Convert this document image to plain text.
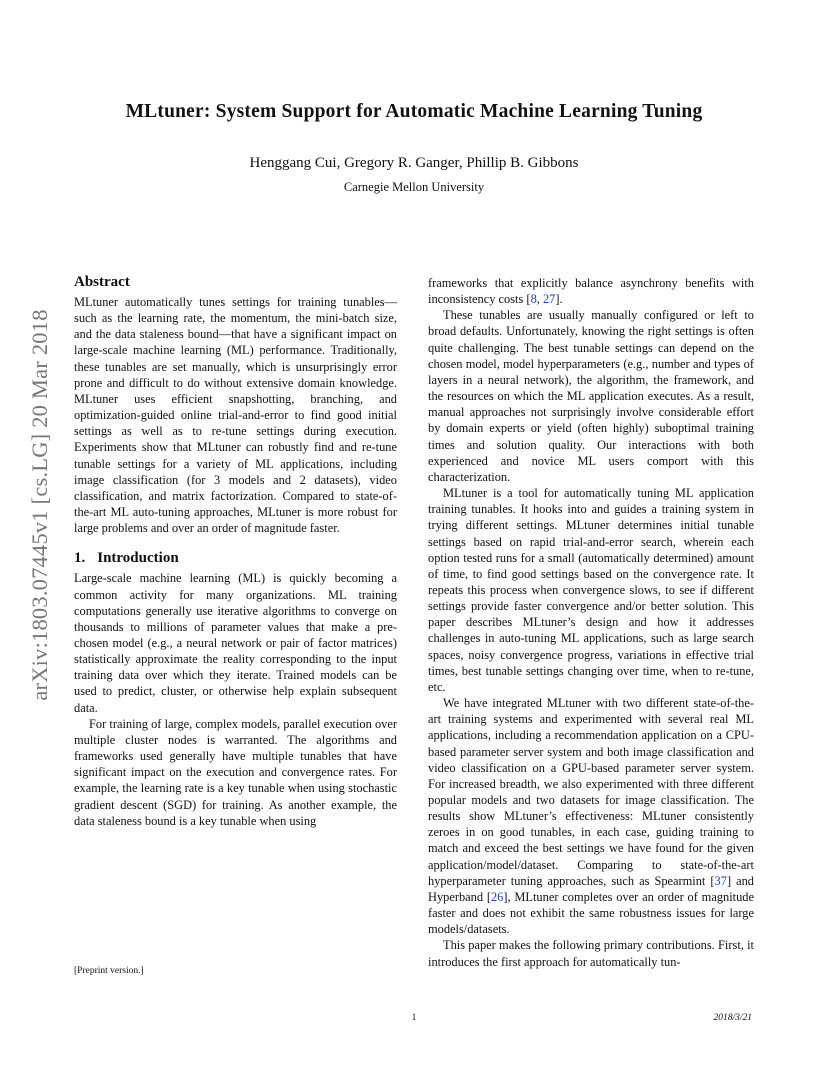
arXiv:1803.07445v1 [cs.LG] 20 Mar 2018
MLtuner: System Support for Automatic Machine Learning Tuning
Henggang Cui, Gregory R. Ganger, Phillip B. Gibbons
Carnegie Mellon University
Abstract

MLtuner automatically tunes settings for training tunables—such as the learning rate, the momentum, the mini-batch size, and the data staleness bound—that have a significant impact on large-scale machine learning (ML) performance. Traditionally, these tunables are set manually, which is unsurprisingly error prone and difficult to do without extensive domain knowledge. MLtuner uses efficient snapshotting, branching, and optimization-guided online trial-and-error to find good initial settings as well as to re-tune settings during execution. Experiments show that MLtuner can robustly find and re-tune tunable settings for a variety of ML applications, including image classification (for 3 models and 2 datasets), video classification, and matrix factorization. Compared to state-of-the-art ML auto-tuning approaches, MLtuner is more robust for large problems and over an order of magnitude faster.

1. Introduction

Large-scale machine learning (ML) is quickly becoming a common activity for many organizations. ML training computations generally use iterative algorithms to converge on thousands to millions of parameter values that make a pre-chosen model (e.g., a neural network or pair of factor matrices) statistically approximate the reality corresponding to the input training data over which they iterate. Trained models can be used to predict, cluster, or otherwise help explain subsequent data.

For training of large, complex models, parallel execution over multiple cluster nodes is warranted. The algorithms and frameworks used generally have multiple tunables that have significant impact on the execution and convergence rates. For example, the learning rate is a key tunable when using stochastic gradient descent (SGD) for training. As another example, the data staleness bound is a key tunable when using

frameworks that explicitly balance asynchrony benefits with inconsistency costs [8, 27].

These tunables are usually manually configured or left to broad defaults. Unfortunately, knowing the right settings is often quite challenging. The best tunable settings can depend on the chosen model, model hyperparameters (e.g., number and types of layers in a neural network), the algorithm, the framework, and the resources on which the ML application executes. As a result, manual approaches not surprisingly involve considerable effort by domain experts or yield (often highly) suboptimal training times and solution quality. Our interactions with both experienced and novice ML users comport with this characterization.

MLtuner is a tool for automatically tuning ML application training tunables. It hooks into and guides a training system in trying different settings. MLtuner determines initial tunable settings based on rapid trial-and-error search, wherein each option tested runs for a small (automatically determined) amount of time, to find good settings based on the convergence rate. It repeats this process when convergence slows, to see if different settings provide faster convergence and/or better solution. This paper describes MLtuner’s design and how it addresses challenges in auto-tuning ML applications, such as large search spaces, noisy convergence progress, variations in effective trial times, best tunable settings changing over time, when to re-tune, etc.

We have integrated MLtuner with two different state-of-the-art training systems and experimented with several real ML applications, including a recommendation application on a CPU-based parameter server system and both image classification and video classification on a GPU-based parameter server system. For increased breadth, we also experimented with three different popular models and two datasets for image classification. The results show MLtuner’s effectiveness: MLtuner consistently zeroes in on good tunables, in each case, guiding training to match and exceed the best settings we have found for the given application/model/dataset. Comparing to state-of-the-art hyperparameter tuning approaches, such as Spearmint [37] and Hyperband [26], MLtuner completes over an order of magnitude faster and does not exhibit the same robustness issues for large models/datasets.

This paper makes the following primary contributions. First, it introduces the first approach for automatically tun-

[Preprint version.]
1	2018/3/21
